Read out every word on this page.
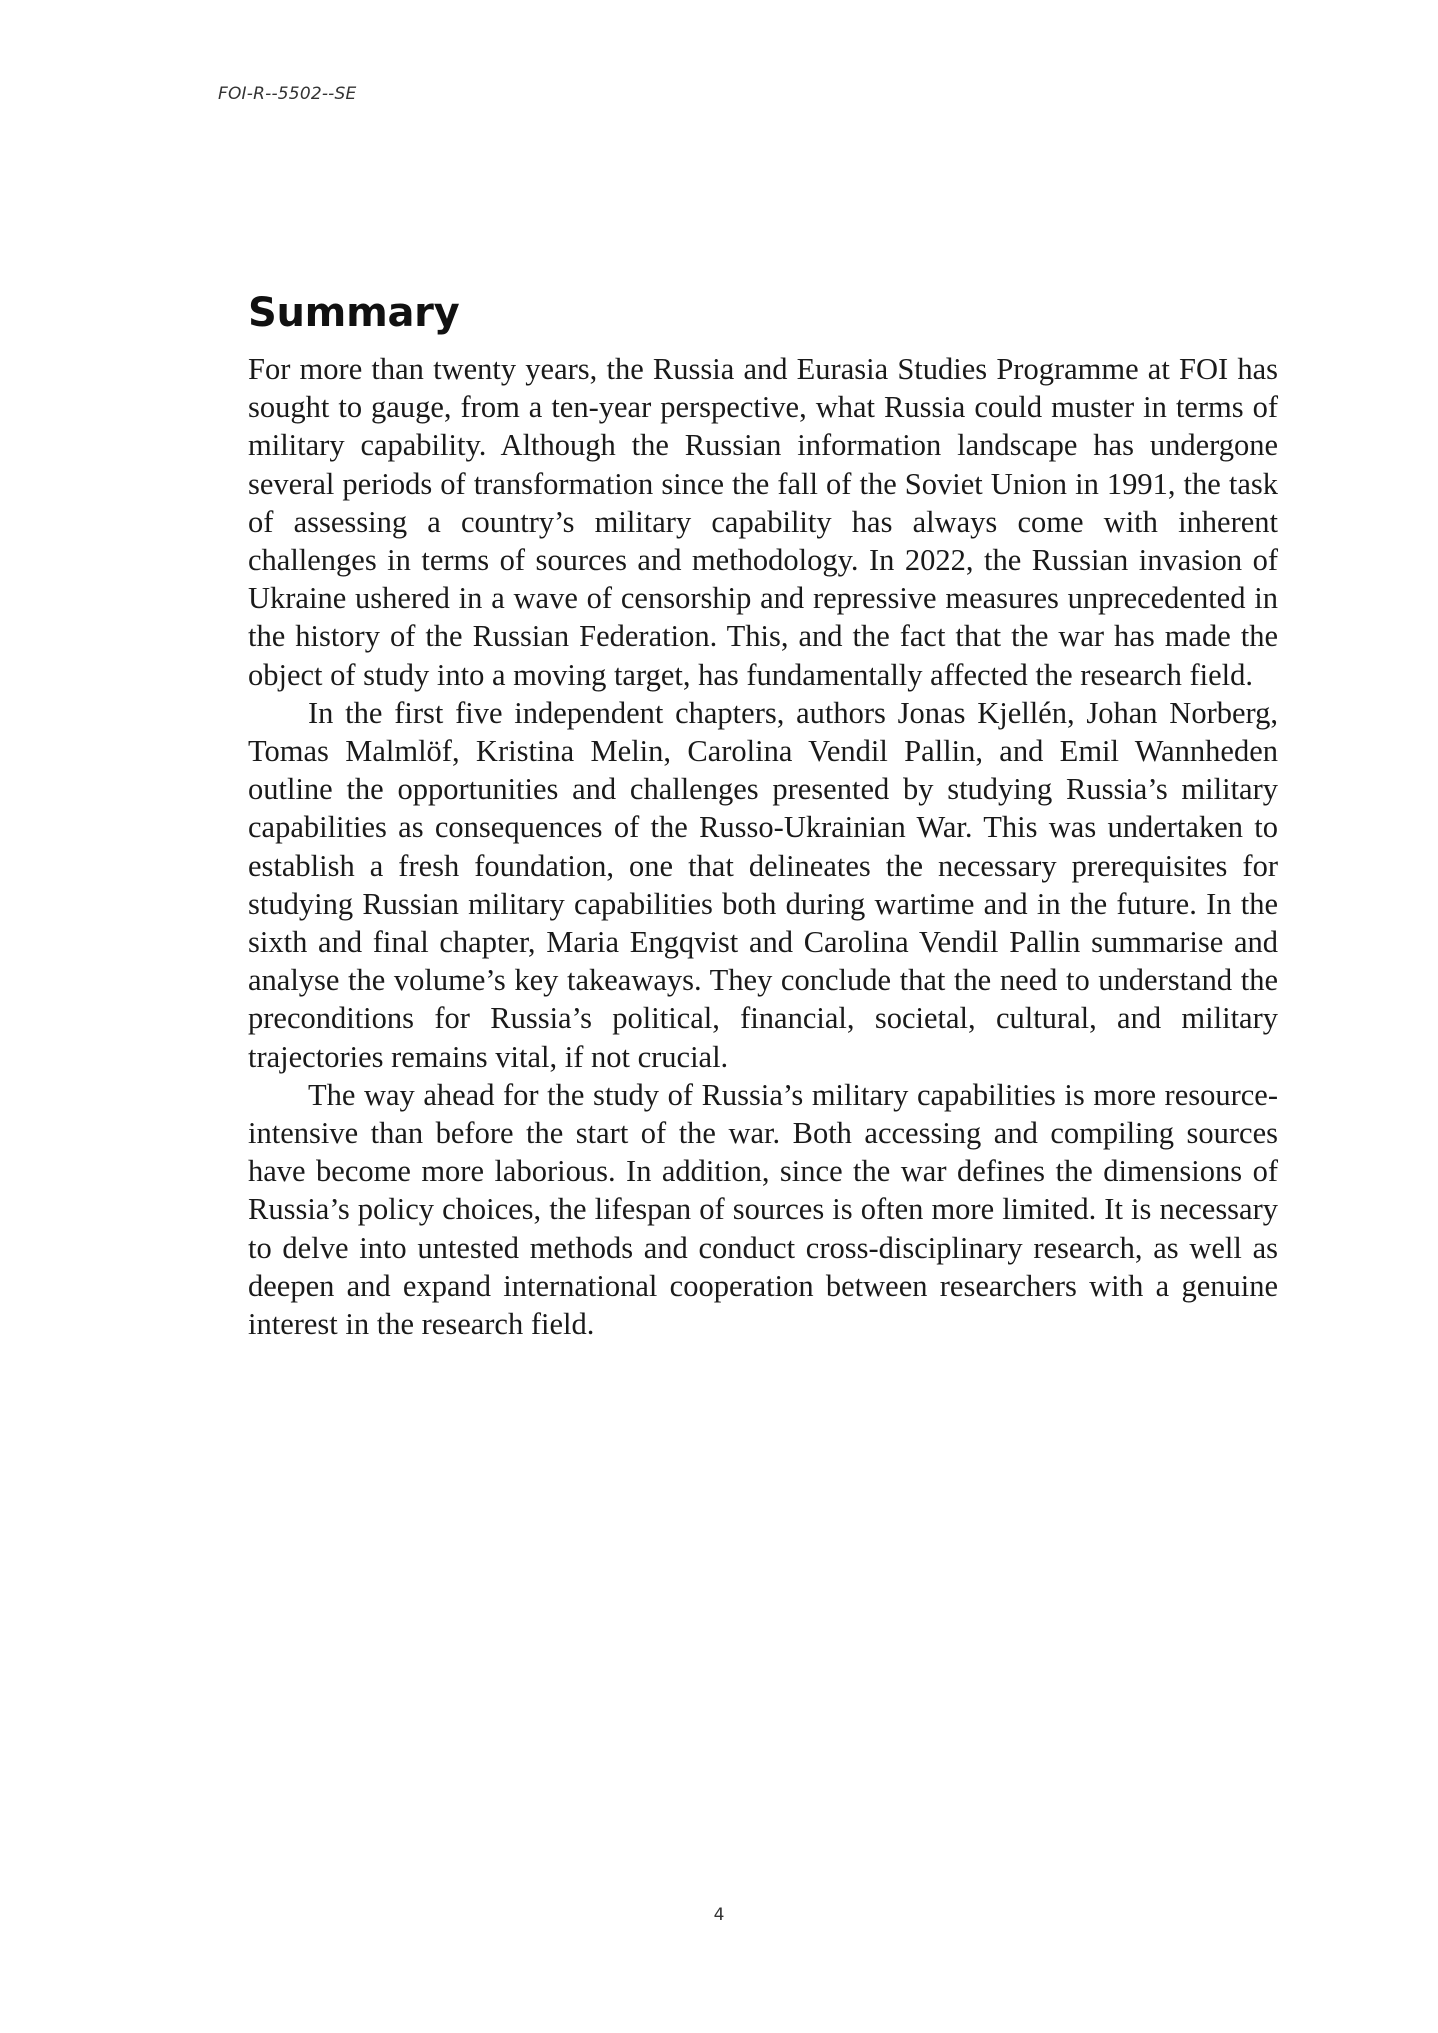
FOI-R--5502--SE
Summary

For more than twenty years, the Russia and Eurasia Studies Programme at FOI has sought to gauge, from a ten-year perspective, what Russia could muster in terms of military capability. Although the Russian information landscape has undergone several periods of transformation since the fall of the Soviet Union in 1991, the task of assessing a country’s military capability has always come with inherent challenges in terms of sources and methodology. In 2022, the Russian invasion of Ukraine ushered in a wave of censorship and repressive measures unprecedented in the history of the Russian Federation. This, and the fact that the war has made the object of study into a moving target, has fundamentally affected the research field.

In the first five independent chapters, authors Jonas Kjellén, Johan Norberg, Tomas Malmlöf, Kristina Melin, Carolina Vendil Pallin, and Emil Wannheden outline the opportunities and challenges presented by studying Russia’s military capabilities as consequences of the Russo-Ukrainian War. This was undertaken to establish a fresh foundation, one that delineates the necessary prerequisites for studying Russian military capabilities both during wartime and in the future. In the sixth and final chapter, Maria Engqvist and Carolina Vendil Pallin summarise and analyse the volume’s key takeaways. They conclude that the need to understand the preconditions for Russia’s political, financial, societal, cultural, and military trajectories remains vital, if not crucial.

The way ahead for the study of Russia’s military capabilities is more resource-intensive than before the start of the war. Both accessing and compiling sources have become more laborious. In addition, since the war defines the dimensions of Russia’s policy choices, the lifespan of sources is often more limited. It is necessary to delve into untested methods and conduct cross-disciplinary research, as well as deepen and expand international cooperation between researchers with a genuine interest in the research field.

4
